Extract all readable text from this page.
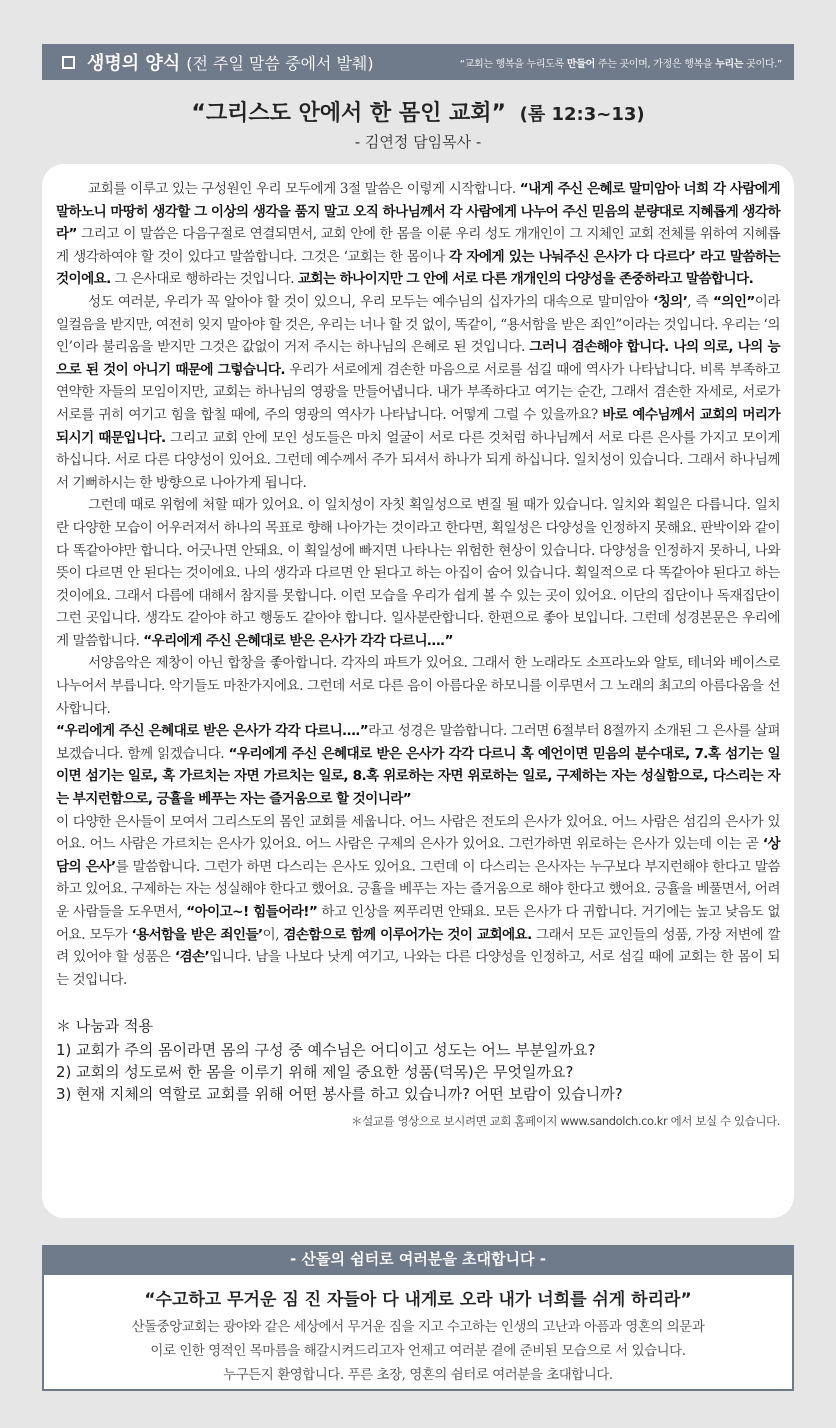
생명의 양식 (전 주일 말씀 중에서 발췌)	“교회는 행복을 누리도록 만들어 주는 곳이며, 가정은 행복을 누리는 곳이다.”
“그리스도 안에서 한 몸인 교회” (롬 12:3~13)
- 김연정 담임목사 -

교회를 이루고 있는 구성원인 우리 모두에게 3절 말씀은 이렇게 시작합니다. “내게 주신 은혜로 말미암아 너희 각 사람에게 말하노니 마땅히 생각할 그 이상의 생각을 품지 말고 오직 하나님께서 각 사람에게 나누어 주신 믿음의 분량대로 지혜롭게 생각하라” 그리고 이 말씀은 다음구절로 연결되면서, 교회 안에 한 몸을 이룬 우리 성도 개개인이 그 지체인 교회 전체를 위하여 지혜롭게 생각하여야 할 것이 있다고 말씀합니다. 그것은 ‘교회는 한 몸이나 각 자에게 있는 나눠주신 은사가 다 다르다’ 라고 말씀하는 것이에요. 그 은사대로 행하라는 것입니다. 교회는 하나이지만 그 안에 서로 다른 개개인의 다양성을 존중하라고 말씀합니다.

성도 여러분, 우리가 꼭 알아야 할 것이 있으니, 우리 모두는 예수님의 십자가의 대속으로 말미암아 ‘칭의’, 즉 “의인”이라 일컬음을 받지만, 여전히 잊지 말아야 할 것은, 우리는 너나 할 것 없이, 똑같이, “용서함을 받은 죄인”이라는 것입니다. 우리는 ‘의인’이라 불리움을 받지만 그것은 값없이 거저 주시는 하나님의 은혜로 된 것입니다. 그러니 겸손해야 합니다. 나의 의로, 나의 능으로 된 것이 아니기 때문에 그렇습니다. 우리가 서로에게 겸손한 마음으로 서로를 섬길 때에 역사가 나타납니다. 비록 부족하고 연약한 자들의 모임이지만, 교회는 하나님의 영광을 만들어냅니다. 내가 부족하다고 여기는 순간, 그래서 겸손한 자세로, 서로가 서로를 귀히 여기고 힘을 합칠 때에, 주의 영광의 역사가 나타납니다. 어떻게 그럴 수 있을까요? 바로 예수님께서 교회의 머리가 되시기 때문입니다. 그리고 교회 안에 모인 성도들은 마치 얼굴이 서로 다른 것처럼 하나님께서 서로 다른 은사를 가지고 모이게 하십니다. 서로 다른 다양성이 있어요. 그런데 예수께서 주가 되셔서 하나가 되게 하십니다. 일치성이 있습니다. 그래서 하나님께서 기뻐하시는 한 방향으로 나아가게 됩니다.

그런데 때로 위험에 처할 때가 있어요. 이 일치성이 자칫 획일성으로 변질 될 때가 있습니다. 일치와 획일은 다릅니다. 일치란 다양한 모습이 어우러져서 하나의 목표로 향해 나아가는 것이라고 한다면, 획일성은 다양성을 인정하지 못해요. 판박이와 같이 다 똑같아야만 합니다. 어긋나면 안돼요. 이 획일성에 빠지면 나타나는 위험한 현상이 있습니다. 다양성을 인정하지 못하니, 나와 뜻이 다르면 안 된다는 것이에요. 나의 생각과 다르면 안 된다고 하는 아집이 숨어 있습니다. 획일적으로 다 똑같아야 된다고 하는 것이에요. 그래서 다름에 대해서 참지를 못합니다. 이런 모습을 우리가 쉽게 볼 수 있는 곳이 있어요. 이단의 집단이나 독재집단이 그런 곳입니다. 생각도 같아야 하고 행동도 같아야 합니다. 일사분란합니다. 한편으로 좋아 보입니다. 그런데 성경본문은 우리에게 말씀합니다. “우리에게 주신 은혜대로 받은 은사가 각각 다르니….”

서양음악은 제창이 아닌 합창을 좋아합니다. 각자의 파트가 있어요. 그래서 한 노래라도 소프라노와 알토, 테너와 베이스로 나누어서 부릅니다. 악기들도 마찬가지에요. 그런데 서로 다른 음이 아름다운 하모니를 이루면서 그 노래의 최고의 아름다움을 선사합니다.

“우리에게 주신 은혜대로 받은 은사가 각각 다르니….”라고 성경은 말씀합니다. 그러면 6절부터 8절까지 소개된 그 은사를 살펴보겠습니다. 함께 읽겠습니다. “우리에게 주신 은혜대로 받은 은사가 각각 다르니 혹 예언이면 믿음의 분수대로, 7.혹 섬기는 일이면 섬기는 일로, 혹 가르치는 자면 가르치는 일로, 8.혹 위로하는 자면 위로하는 일로, 구제하는 자는 성실함으로, 다스리는 자는 부지런함으로, 긍휼을 베푸는 자는 즐거움으로 할 것이니라”

이 다양한 은사들이 모여서 그리스도의 몸인 교회를 세웁니다. 어느 사람은 전도의 은사가 있어요. 어느 사람은 섬김의 은사가 있어요. 어느 사람은 가르치는 은사가 있어요. 어느 사람은 구제의 은사가 있어요. 그런가하면 위로하는 은사가 있는데 이는 곧 ‘상담의 은사’를 말씀합니다. 그런가 하면 다스리는 은사도 있어요. 그런데 이 다스리는 은사자는 누구보다 부지런해야 한다고 말씀하고 있어요. 구제하는 자는 성실해야 한다고 했어요. 긍휼을 베푸는 자는 즐거움으로 해야 한다고 했어요. 긍휼을 베풀면서, 어려운 사람들을 도우면서, “아이고~! 힘들어라!” 하고 인상을 찌푸리면 안돼요. 모든 은사가 다 귀합니다. 거기에는 높고 낮음도 없어요. 모두가 ‘용서함을 받은 죄인들’이, 겸손함으로 함께 이루어가는 것이 교회에요. 그래서 모든 교인들의 성품, 가장 저변에 깔려 있어야 할 성품은 ‘겸손’입니다. 남을 나보다 낫게 여기고, 나와는 다른 다양성을 인정하고, 서로 섬길 때에 교회는 한 몸이 되는 것입니다.

＊ 나눔과 적용
1) 교회가 주의 몸이라면 몸의 구성 중 예수님은 어디이고 성도는 어느 부분일까요?
2) 교회의 성도로써 한 몸을 이루기 위해 제일 중요한 성품(덕목)은 무엇일까요?
3) 현재 지체의 역할로 교회를 위해 어떤 봉사를 하고 있습니까? 어떤 보람이 있습니까?
＊설교를 영상으로 보시려면 교회 홈페이지 www.sandolch.co.kr 에서 보실 수 있습니다.
- 산돌의 쉼터로 여러분을 초대합니다 -
“수고하고 무거운 짐 진 자들아 다 내게로 오라 내가 너희를 쉬게 하리라”
산돌중앙교회는 광야와 같은 세상에서 무거운 짐을 지고 수고하는 인생의 고난과 아픔과 영혼의 의문과
이로 인한 영적인 목마름을 해갈시켜드리고자 언제고 여러분 곁에 준비된 모습으로 서 있습니다.
누구든지 환영합니다. 푸른 초장, 영혼의 쉼터로 여러분을 초대합니다.
